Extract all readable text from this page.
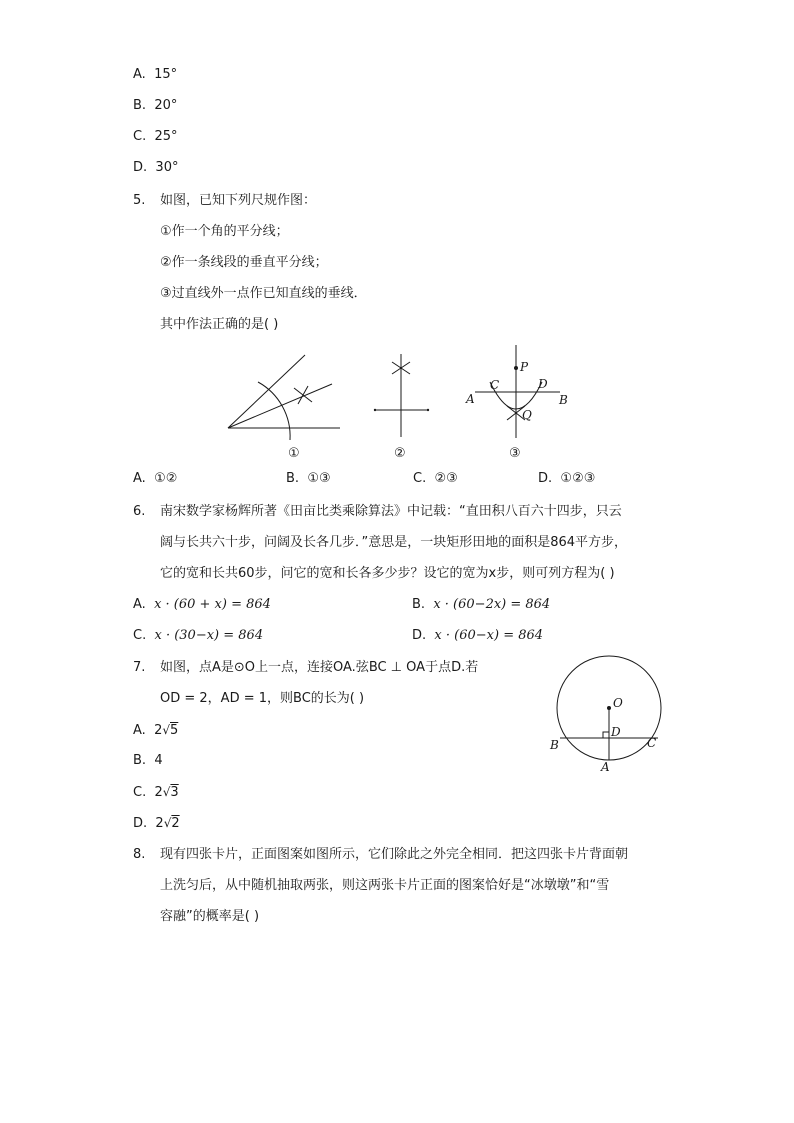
A. 15°
B. 20°
C. 25°
D. 30°
5. 如图，已知下列尺规作图：
①作一个角的平分线；
②作一条线段的垂直平分线；
③过直线外一点作已知直线的垂线．
其中作法正确的是( )
①	②
P
C	D
A	B
Q
③
A. ①②	B. ①③	C. ②③	D. ①②③
6. 南宋数学家杨辉所著《田亩比类乘除算法》中记载：“直田积八百六十四步，只云
阔与长共六十步，问阔及长各几步．”意思是，一块矩形田地的面积是864平方步，
它的宽和长共60步，问它的宽和长各多少步？设它的宽为x步，则可列方程为( )
A. x · (60 + x) = 864	B. x · (60−2x) = 864
C. x · (30−x) = 864	D. x · (60−x) = 864
7. 如图，点A是⊙O上一点，连接OA.弦BC ⊥ OA于点D.若
OD = 2，AD = 1，则BC的长为( )
A. 2√5
B. 4
C. 2√3
D. 2√2
O
D
B	C
A
8. 现有四张卡片，正面图案如图所示，它们除此之外完全相同．把这四张卡片背面朝
上洗匀后，从中随机抽取两张，则这两张卡片正面的图案恰好是“冰墩墩”和“雪
容融”的概率是( )
